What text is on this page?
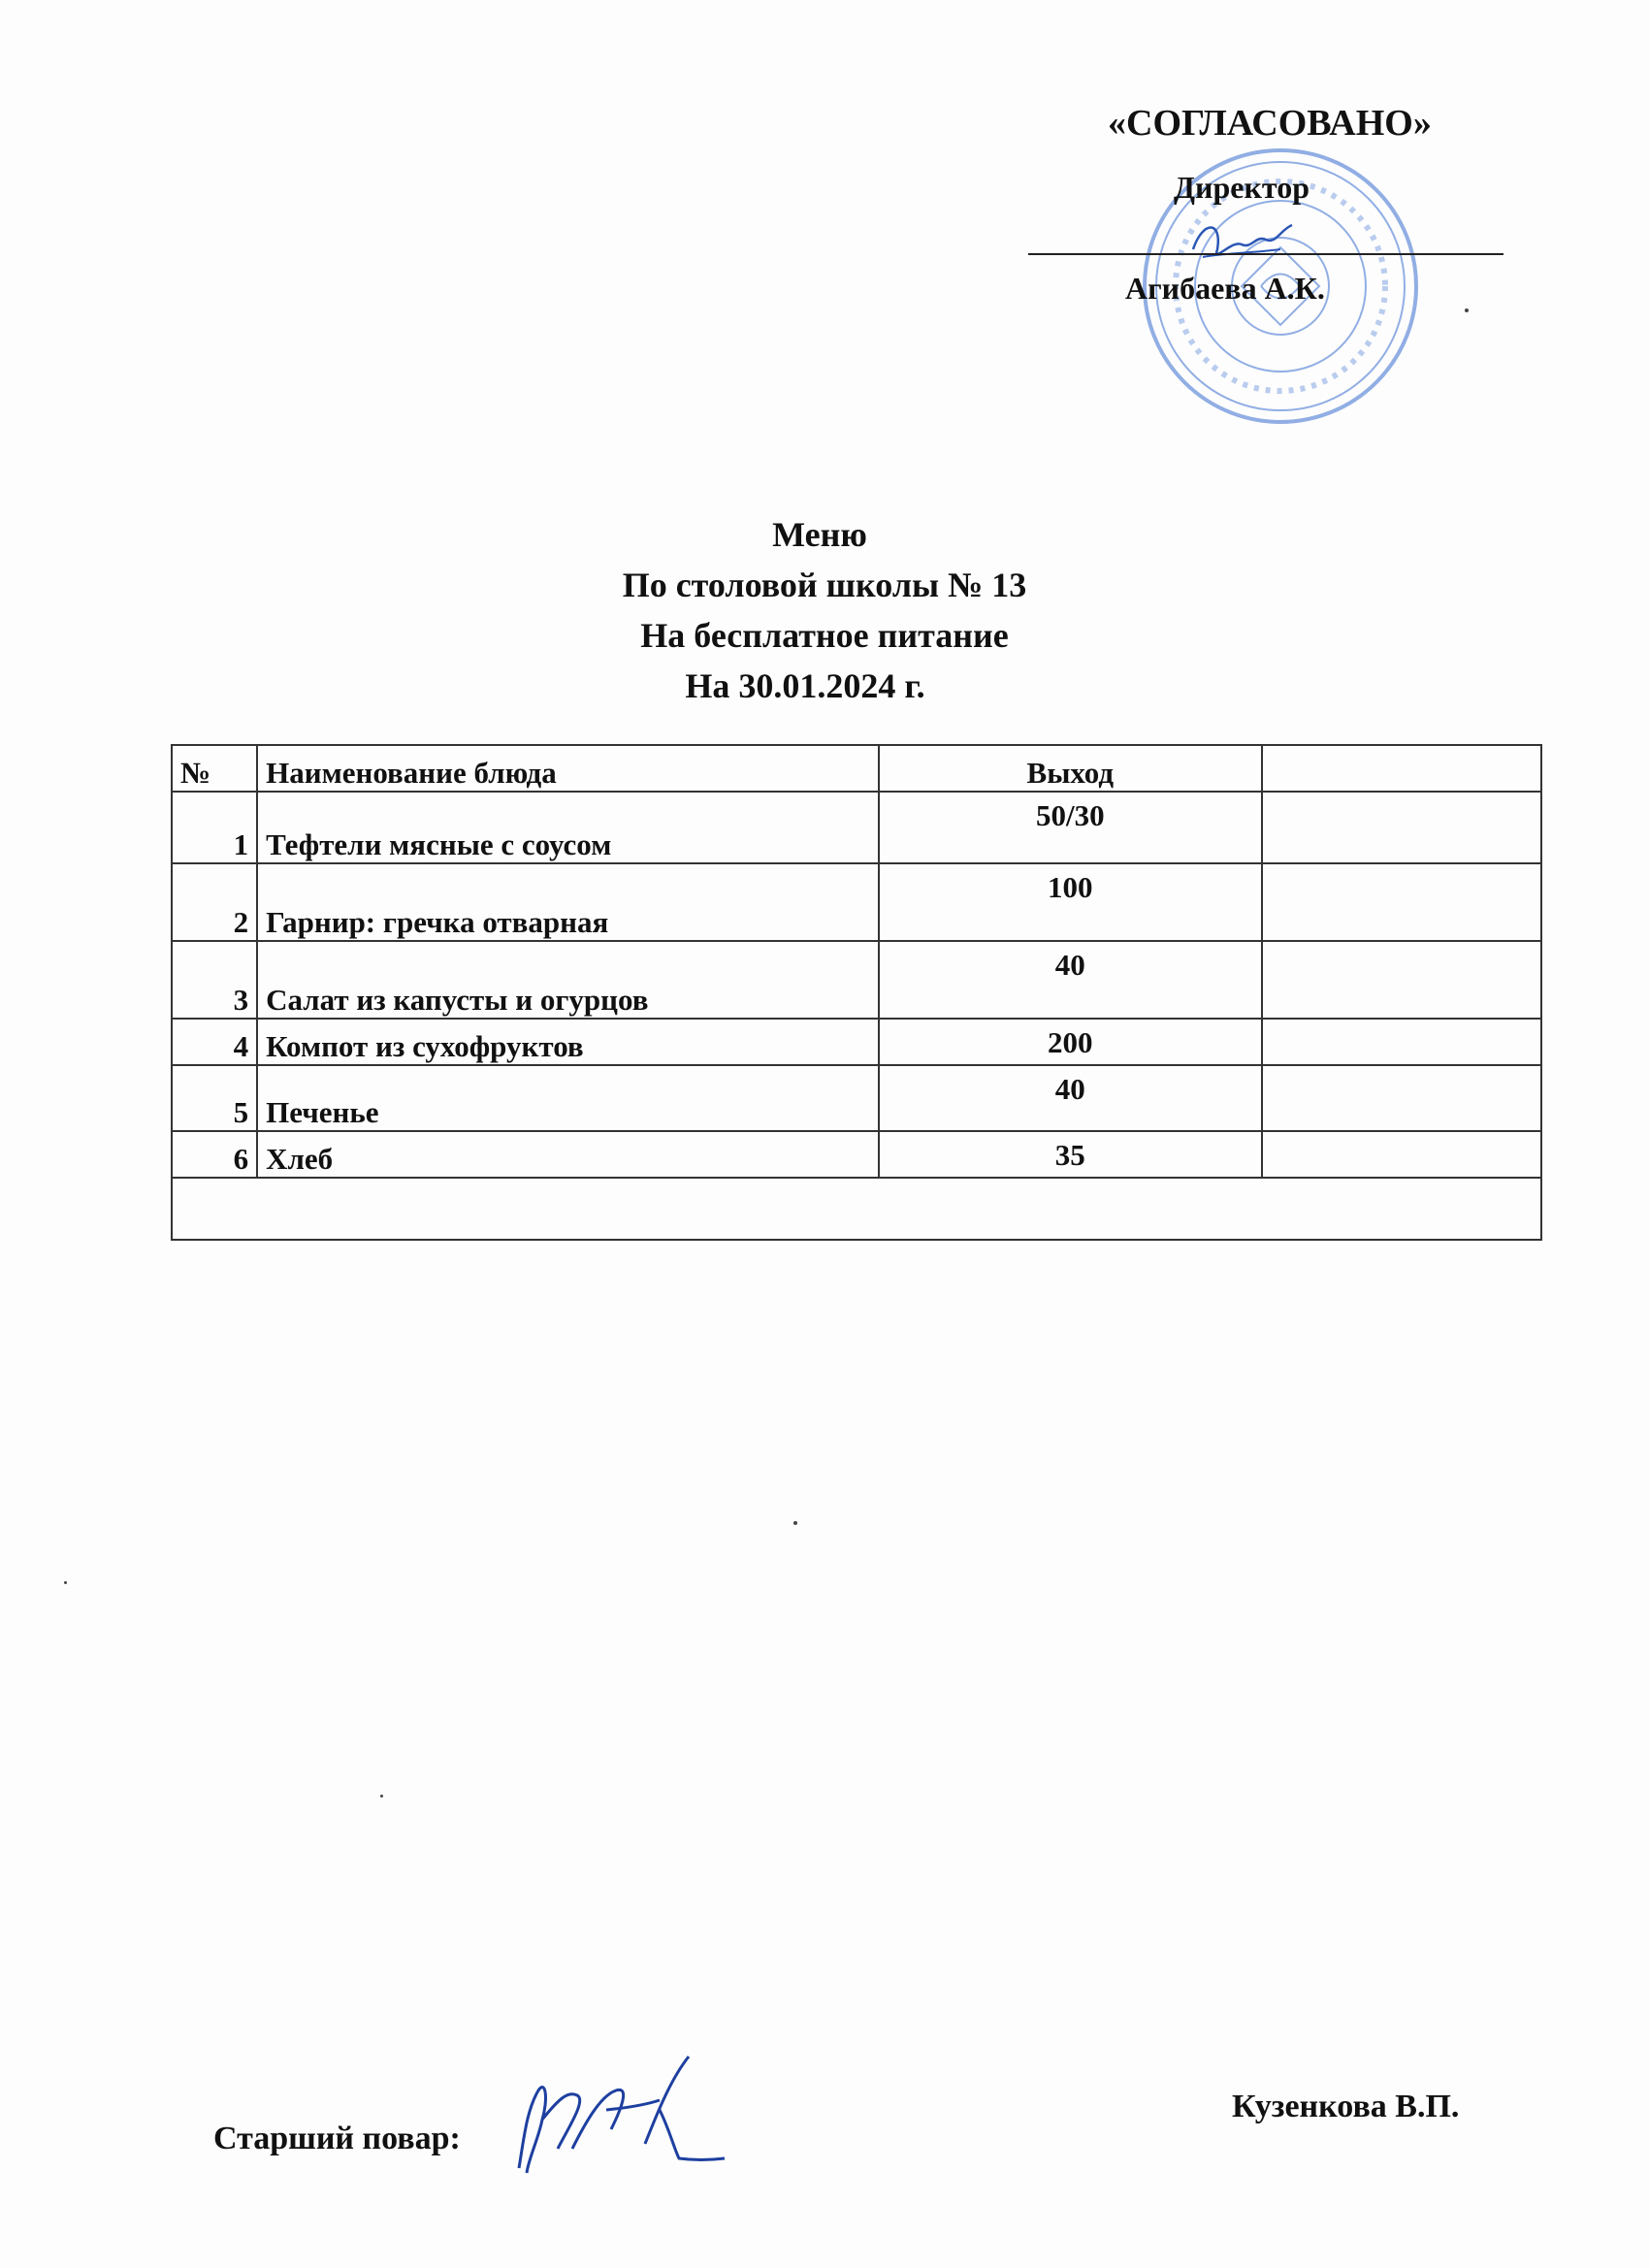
«СОГЛАСОВАНО»
Директор
Агибаева А.К.
Меню
По столовой школы № 13
На бесплатное питание
На 30.01.2024 г.
№	Наименование блюда	Выход	
1	Тефтели мясные с соусом	50/30	
2	Гарнир: гречка отварная	100	
3	Салат из капусты и огурцов	40	
4	Компот из сухофруктов	200	
5	Печенье	40	
6	Хлеб	35	

Старший повар:
Кузенкова В.П.
